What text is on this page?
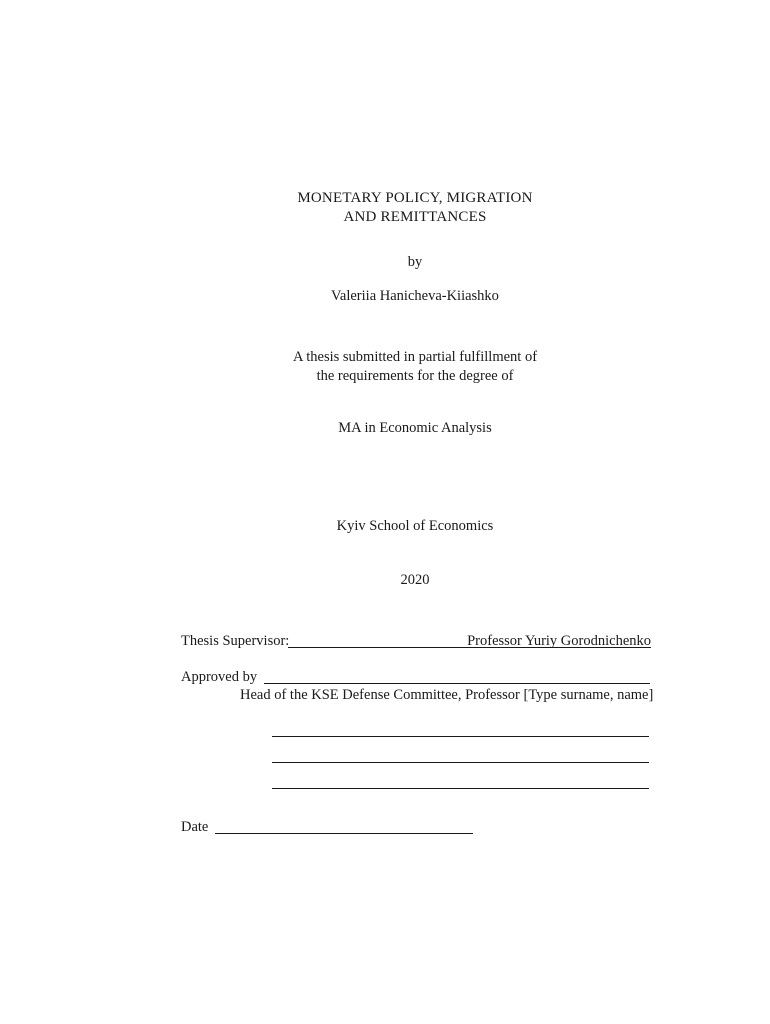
MONETARY POLICY, MIGRATION
AND REMITTANCES
by
Valeriia Hanicheva-Kiiashko
A thesis submitted in partial fulfillment of
the requirements for the degree of
MA in Economic Analysis
Kyiv School of Economics
2020
Thesis Supervisor:	Professor Yuriy Gorodnichenko
Approved by
Head of the KSE Defense Committee, Professor [Type surname, name]
Date
